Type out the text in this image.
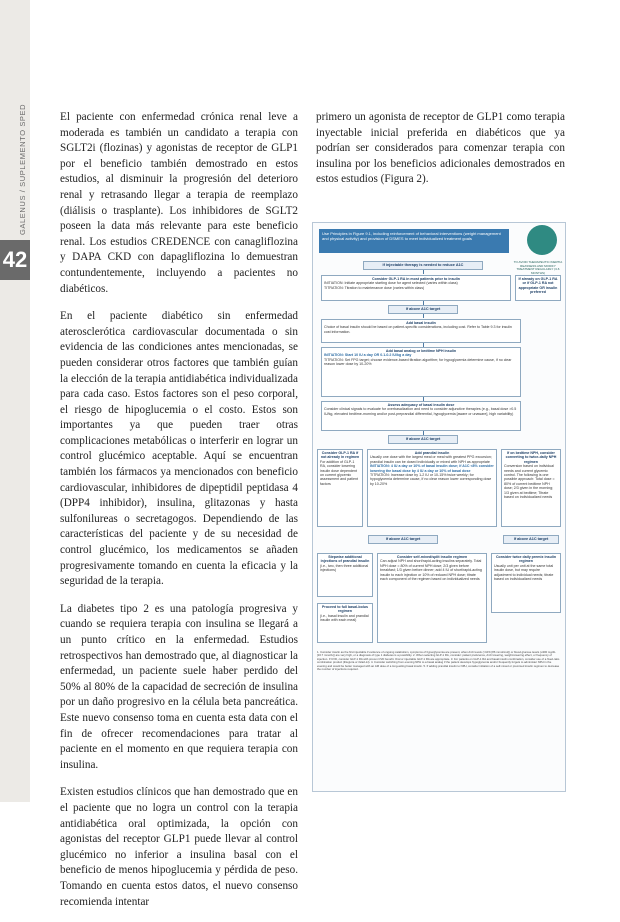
GALENUS / SUPLEMENTO SPED
42

El paciente con enfermedad crónica renal leve a moderada es también un candidato a terapia con SGLT2i (flozinas) y agonistas de receptor de GLP1 por el beneficio también demostrado en estos estudios, al disminuir la progresión del deterioro renal y retrasando llegar a terapia de reemplazo (diálisis o trasplante). Los inhibidores de SGLT2 poseen la data más relevante para este beneficio renal. Los estudios CREDENCE con canagliflozina y DAPA CKD con dapagliflozina lo demuestran contundentemente, incluyendo a pacientes no diabéticos.

En el paciente diabético sin enfermedad aterosclerótica cardiovascular documentada o sin evidencia de las condiciones antes mencionadas, se pueden considerar otros factores que también guían la elección de la terapia antidiabética individualizada para cada caso. Estos factores son el peso corporal, el riesgo de hipoglucemia o el costo. Estos son importantes ya que pueden traer otras complicaciones metabólicas o interferir en lograr un control glucémico aceptable. Aquí se encuentran también los fármacos ya mencionados con beneficio cardiovascular, inhibidores de dipeptidil peptidasa 4 (DPP4 inhibidor), insulina, glitazonas y hasta sulfonilureas o secretagogos. Dependiendo de las características del paciente y de su necesidad de control glucémico, los medicamentos se añaden progresivamente tomando en cuenta la eficacia y la seguridad de la terapia.

La diabetes tipo 2 es una patología progresiva y cuando se requiera terapia con insulina se llegará a un punto crítico en la enfermedad. Estudios retrospectivos han demostrado que, al diagnosticar la enfermedad, un paciente suele haber perdido del 50% al 80% de la capacidad de secreción de insulina por un daño progresivo en la célula beta pancreática. Este nuevo consenso toma en cuenta esta data con el fin de ofrecer recomendaciones para tratar al paciente en el momento en que requiera terapia con insulina.

Existen estudios clínicos que han demostrado que en el paciente que no logra un control con la terapia antidiabética oral optimizada, la opción con agonistas del receptor GLP1 puede llevar al control glucémico no inferior a insulina basal con el beneficio de menos hipoglucemia y pérdida de peso. Tomando en cuenta estos datos, el nuevo consenso recomienda intentar

primero un agonista de receptor de GLP1 como terapia inyectable inicial preferida en diabéticos que ya podrían ser considerados para comenzar terapia con insulina por los beneficios adicionales demostrados en estos estudios (Figura 2).

Use Principles in Figure 9.1, including reinforcement of behavioral interventions (weight management and physical activity) and provision of DSMES to meet individualized treatment goals
TO AVOID THERAPEUTIC INERTIA REASSESS AND MODIFY TREATMENT REGULARLY (3-6 MONTHS)
If injectable therapy is needed to reduce A1C
Consider GLP-1 RA in most patients prior to insulin
INITIATION: Initiate appropriate starting dose for agent selected (varies within class)
TITRATION: Titration to maintenance dose (varies within class)
If already on GLP-1 RA or if GLP-1 RA not appropriate OR insulin preferred
If above A1C target
Add basal insulin
Choice of basal insulin should be based on patient-specific considerations, including cost. Refer to Table 9.3 for insulin cost information.
Add basal analog or bedtime NPH insulin
INITIATION: Start 10 IU a day OR 0.1-0.2 IU/kg a day
TITRATION: Set FPG target; choose evidence-based titration algorithm; for hypoglycemia determine cause, if no clear reason lower dose by 10-20%
Assess adequacy of basal insulin dose
Consider clinical signals to evaluate for overbasalization and need to consider adjunctive therapies (e.g., basal dose >0.5 IU/kg, elevated bedtime-morning and/or post-preprandial differential, hypoglycemia [aware or unaware], high variability)
If above A1C target
Consider GLP-1 RA if not already in regimen
For addition of GLP-1 RA, consider lowering insulin dose dependent on current glycemic assessment and patient factors
Add prandial insulin
Usually one dose with the largest meal or meal with greatest PPG excursion; prandial insulin can be dosed individually or mixed with NPH as appropriate
INITIATION: 4 IU a day or 10% of basal insulin dose; if A1C <8% consider lowering the basal dose by 4 IU a day or 10% of basal dose
TITRATION: Increase dose by 1-2 IU or 10-15% twice weekly; for hypoglycemia determine cause, if no clear reason lower corresponding dose by 10-20%
If on bedtime NPH, consider converting to twice-daily NPH regimen
Conversion based on individual needs and current glycemic control. The following is one possible approach: Total dose = 80% of current bedtime NPH dose; 2/3 given in the morning; 1/3 given at bedtime; Titrate based on individualized needs
If above A1C target	If above A1C target
Stepwise additional injections of prandial insulin
(i.e., two, then three additional injections)
Proceed to full basal-bolus regimen
(i.e., basal insulin and prandial insulin with each meal)
Consider self-mixed/split insulin regimen
Can adjust NPH and short/rapid-acting insulins separately. Total NPH dose = 80% of current NPH dose; 2/3 given before breakfast; 1/3 given before dinner; add 4 IU of short/rapid-acting insulin to each injection or 10% of reduced NPH dose; titrate each component of the regimen based on individualized needs
Consider twice daily premix insulin regimen
Usually unit per unit at the same total insulin dose, but may require adjustment to individual needs; titrate based on individualized needs
1. Consider insulin as the first injectable if evidence of ongoing catabolism, symptoms of hyperglycemia are present, when A1C levels (>10% [86 mmol/mol]) or blood glucose levels (≥300 mg/dL [16.7 mmol/L]) are very high, or a diagnosis of type 1 diabetes is a possibility. 2. When selecting GLP-1 RA, consider: patient preference, A1C lowering, weight-lowering effect, or frequency of injection. If CVD, consider GLP-1 RA with proven CVD benefit. Oral or injectable GLP-1 RA are appropriate. 3. For patients on GLP-1 RA and basal insulin combination, consider use of a fixed-ratio combination product (iDegLira or iGlarLixi). 4. Consider switching from evening NPH to a basal analog if the patient develops hypoglycemia and/or frequently forgets to administer NPH in the evening and would be better managed with an AM dose of a long-acting basal insulin. 5. If adding prandial insulin to NPH, consider initiation of a self-mixed or premixed insulin regimen to decrease the number of injections required.
